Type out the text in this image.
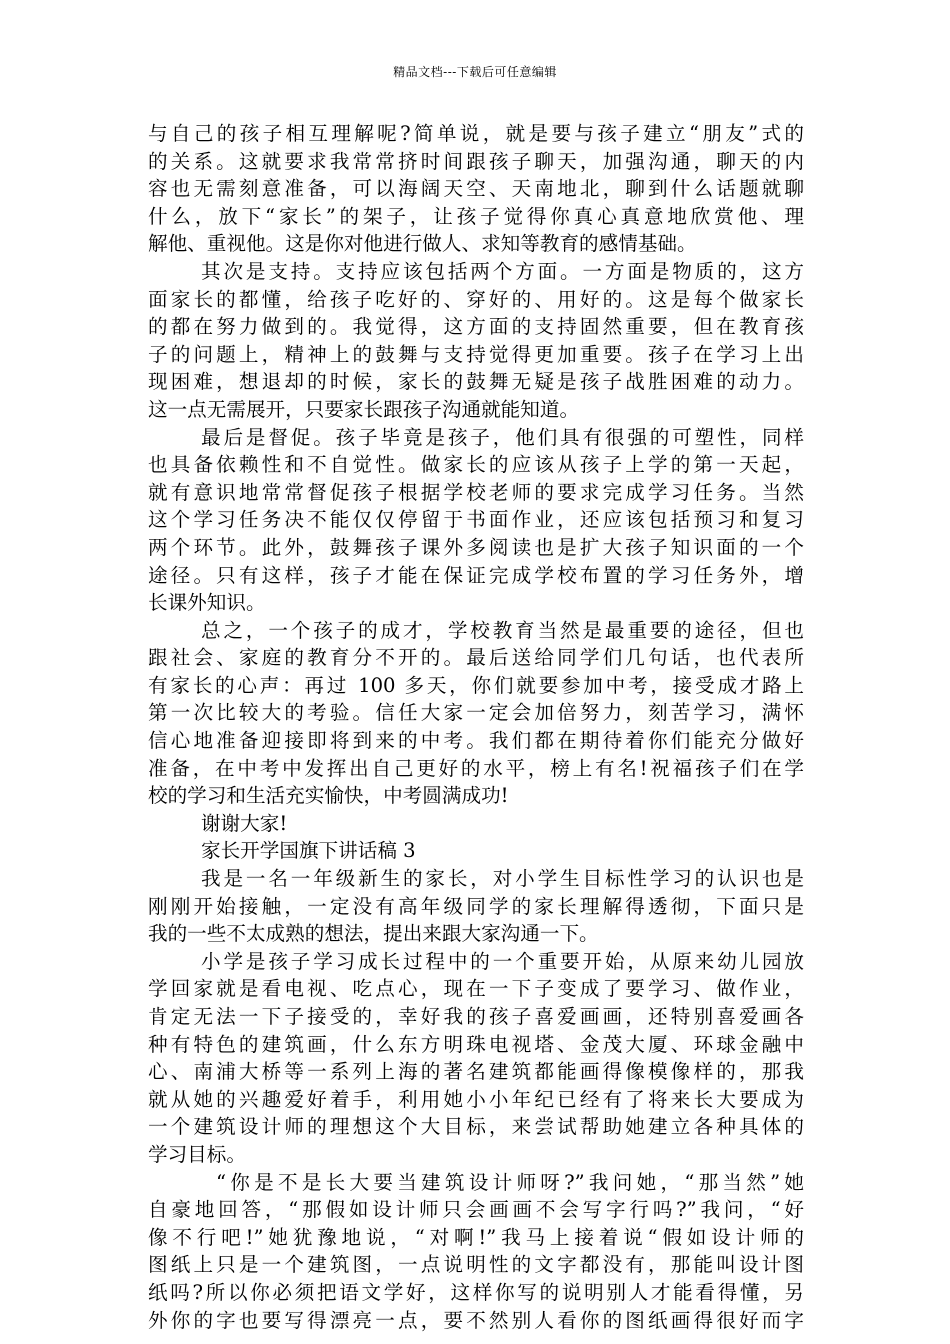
精品文档---下载后可任意编辑
与自己的孩子相互理解呢?简单说，就是要与孩子建立“朋友”式的
的关系。这就要求我常常挤时间跟孩子聊天，加强沟通，聊天的内
容也无需刻意准备，可以海阔天空、天南地北，聊到什么话题就聊
什么，放下“家长”的架子，让孩子觉得你真心真意地欣赏他、理
解他、重视他。这是你对他进行做人、求知等教育的感情基础。
其次是支持。支持应该包括两个方面。一方面是物质的，这方
面家长的都懂，给孩子吃好的、穿好的、用好的。这是每个做家长
的都在努力做到的。我觉得，这方面的支持固然重要，但在教育孩
子的问题上，精神上的鼓舞与支持觉得更加重要。孩子在学习上出
现困难，想退却的时候，家长的鼓舞无疑是孩子战胜困难的动力。
这一点无需展开，只要家长跟孩子沟通就能知道。
最后是督促。孩子毕竟是孩子，他们具有很强的可塑性，同样
也具备依赖性和不自觉性。做家长的应该从孩子上学的第一天起，
就有意识地常常督促孩子根据学校老师的要求完成学习任务。当然
这个学习任务决不能仅仅停留于书面作业，还应该包括预习和复习
两个环节。此外，鼓舞孩子课外多阅读也是扩大孩子知识面的一个
途径。只有这样，孩子才能在保证完成学校布置的学习任务外，增
长课外知识。
总之，一个孩子的成才，学校教育当然是最重要的途径，但也
跟社会、家庭的教育分不开的。最后送给同学们几句话，也代表所
有家长的心声：再过 100 多天，你们就要参加中考，接受成才路上
第一次比较大的考验。信任大家一定会加倍努力，刻苦学习，满怀
信心地准备迎接即将到来的中考。我们都在期待着你们能充分做好
准备，在中考中发挥出自己更好的水平，榜上有名!祝福孩子们在学
校的学习和生活充实愉快，中考圆满成功!
谢谢大家!
家长开学国旗下讲话稿 3
我是一名一年级新生的家长，对小学生目标性学习的认识也是
刚刚开始接触，一定没有高年级同学的家长理解得透彻，下面只是
我的一些不太成熟的想法，提出来跟大家沟通一下。
小学是孩子学习成长过程中的一个重要开始，从原来幼儿园放
学回家就是看电视、吃点心，现在一下子变成了要学习、做作业，
肯定无法一下子接受的，幸好我的孩子喜爱画画，还特别喜爱画各
种有特色的建筑画，什么东方明珠电视塔、金茂大厦、环球金融中
心、南浦大桥等一系列上海的著名建筑都能画得像模像样的，那我
就从她的兴趣爱好着手，利用她小小年纪已经有了将来长大要成为
一个建筑设计师的理想这个大目标，来尝试帮助她建立各种具体的
学习目标。
“你是不是长大要当建筑设计师呀?”我问她，“那当然”她
自豪地回答，“那假如设计师只会画画不会写字行吗?”我问，“好
像不行吧!”她犹豫地说，“对啊!”我马上接着说“假如设计师的
图纸上只是一个建筑图，一点说明性的文字都没有，那能叫设计图
纸吗?所以你必须把语文学好，这样你写的说明别人才能看得懂，另
外你的字也要写得漂亮一点，要不然别人看你的图纸画得很好而字
